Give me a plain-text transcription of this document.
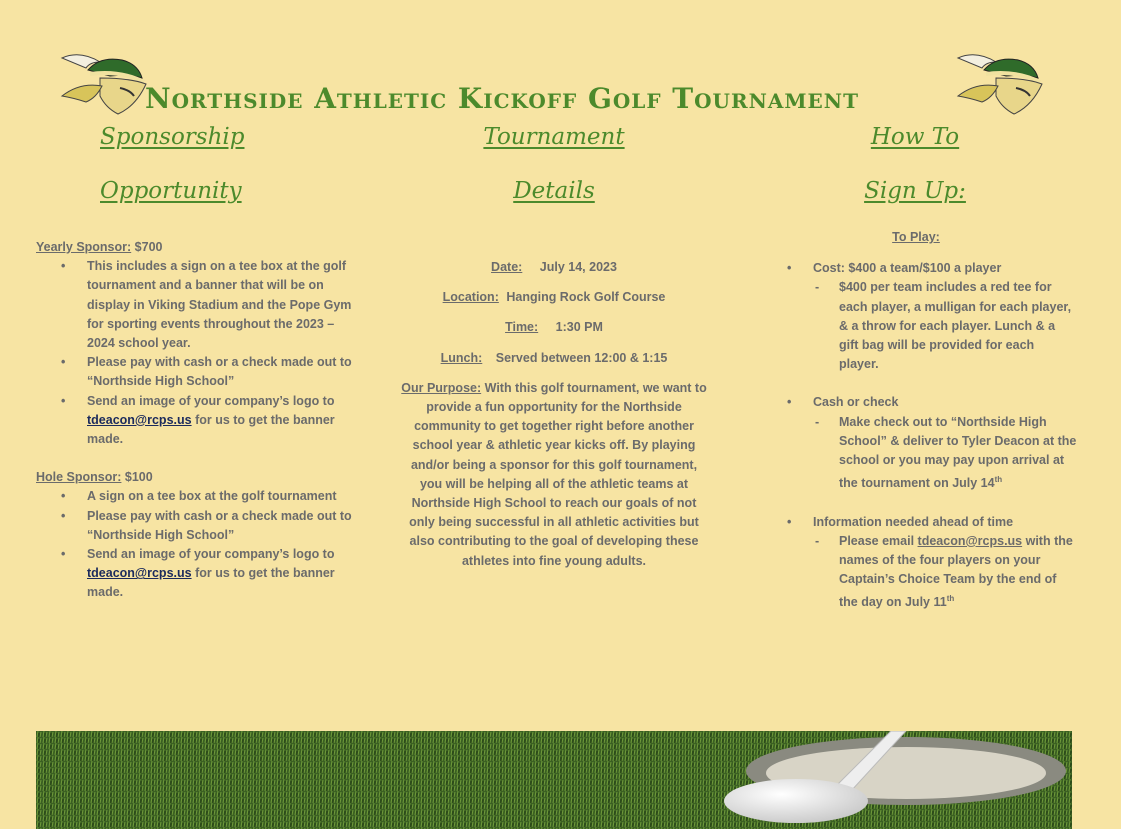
Northside Athletic Kickoff Golf Tournament
Sponsorship
Opportunity
Tournament
Details
How To
Sign Up:
Yearly Sponsor: $700
• This includes a sign on a tee box at the golf tournament and a banner that will be on display in Viking Stadium and the Pope Gym for sporting events throughout the 2023 – 2024 school year.
• Please pay with cash or a check made out to “Northside High School”
• Send an image of your company’s logo to tdeacon@rcps.us for us to get the banner made.
Hole Sponsor: $100
• A sign on a tee box at the golf tournament
• Please pay with cash or a check made out to “Northside High School”
• Send an image of your company’s logo to tdeacon@rcps.us for us to get the banner made.
Date: July 14, 2023
Location: Hanging Rock Golf Course
Time: 1:30 PM
Lunch: Served between 12:00 & 1:15
Our Purpose: With this golf tournament, we want to provide a fun opportunity for the Northside community to get together right before another school year & athletic year kicks off. By playing and/or being a sponsor for this golf tournament, you will be helping all of the athletic teams at Northside High School to reach our goals of not only being successful in all athletic activities but also contributing to the goal of developing these athletes into fine young adults.
To Play:
• Cost: $400 a team/$100 a player
- $400 per team includes a red tee for each player, a mulligan for each player, & a throw for each player. Lunch & a gift bag will be provided for each player.
• Cash or check
- Make check out to “Northside High School” & deliver to Tyler Deacon at the school or you may pay upon arrival at the tournament on July 14th
• Information needed ahead of time
- Please email tdeacon@rcps.us with the names of the four players on your Captain’s Choice Team by the end of the day on July 11th
